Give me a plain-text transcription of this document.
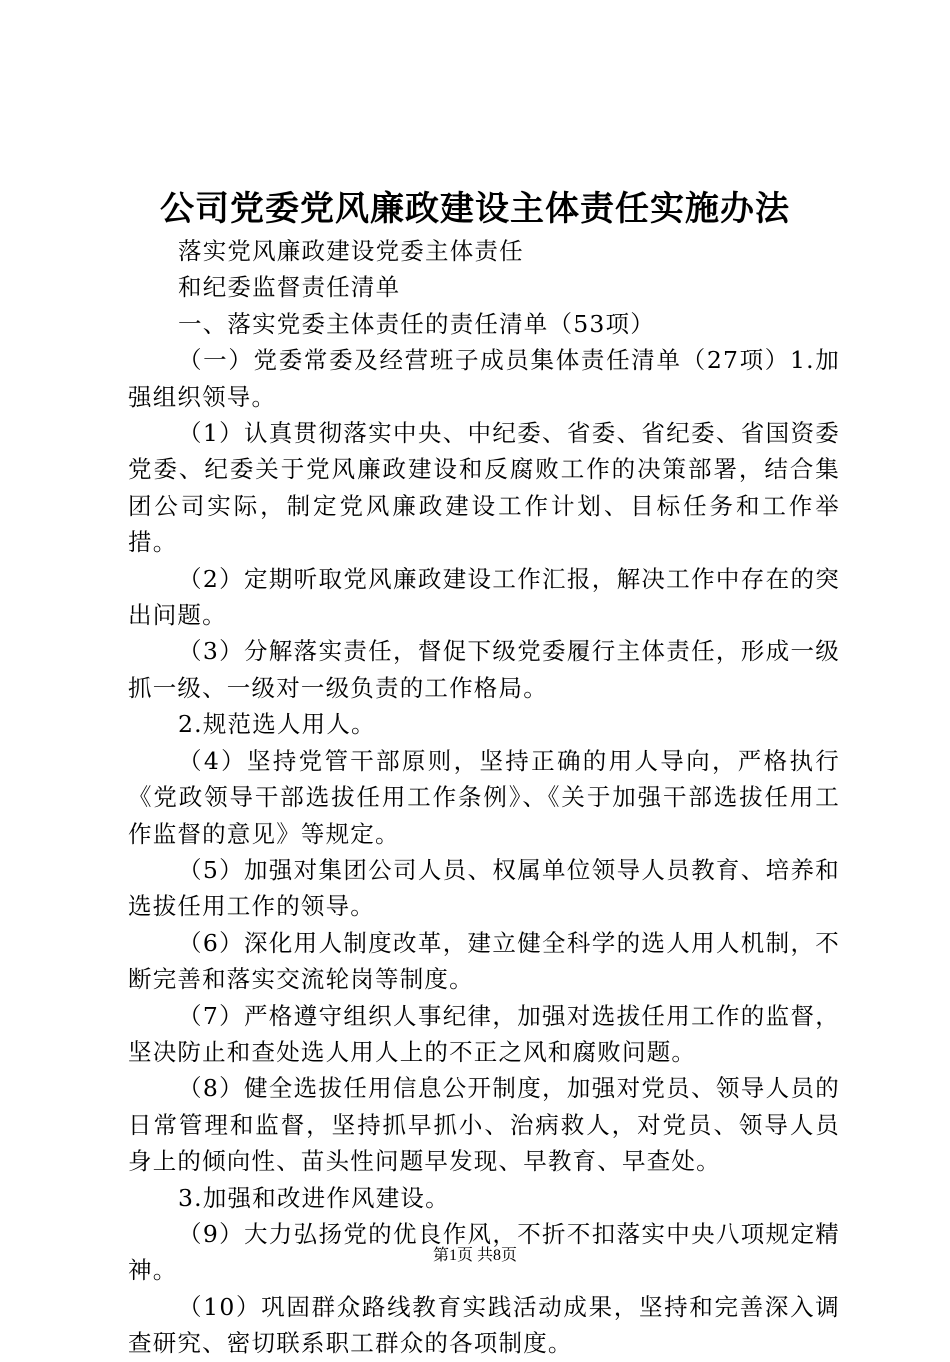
公司党委党风廉政建设主体责任实施办法

落实党风廉政建设党委主体责任

和纪委监督责任清单

一、落实党委主体责任的责任清单（53项）

（一）党委常委及经营班子成员集体责任清单（27项）1.加强组织领导。

（1）认真贯彻落实中央、中纪委、省委、省纪委、省国资委党委、纪委关于党风廉政建设和反腐败工作的决策部署，结合集团公司实际，制定党风廉政建设工作计划、目标任务和工作举措。

（2）定期听取党风廉政建设工作汇报，解决工作中存在的突出问题。

（3）分解落实责任，督促下级党委履行主体责任，形成一级抓一级、一级对一级负责的工作格局。

2.规范选人用人。

（4）坚持党管干部原则，坚持正确的用人导向，严格执行《党政领导干部选拔任用工作条例》、《关于加强干部选拔任用工作监督的意见》等规定。

（5）加强对集团公司人员、权属单位领导人员教育、培养和选拔任用工作的领导。

（6）深化用人制度改革，建立健全科学的选人用人机制，不断完善和落实交流轮岗等制度。

（7）严格遵守组织人事纪律，加强对选拔任用工作的监督，坚决防止和查处选人用人上的不正之风和腐败问题。

（8）健全选拔任用信息公开制度，加强对党员、领导人员的日常管理和监督，坚持抓早抓小、治病救人，对党员、领导人员身上的倾向性、苗头性问题早发现、早教育、早查处。

3.加强和改进作风建设。

（9）大力弘扬党的优良作风，不折不扣落实中央八项规定精神。

（10）巩固群众路线教育实践活动成果，坚持和完善深入调查研究、密切联系职工群众的各项制度。

第1页 共8页
